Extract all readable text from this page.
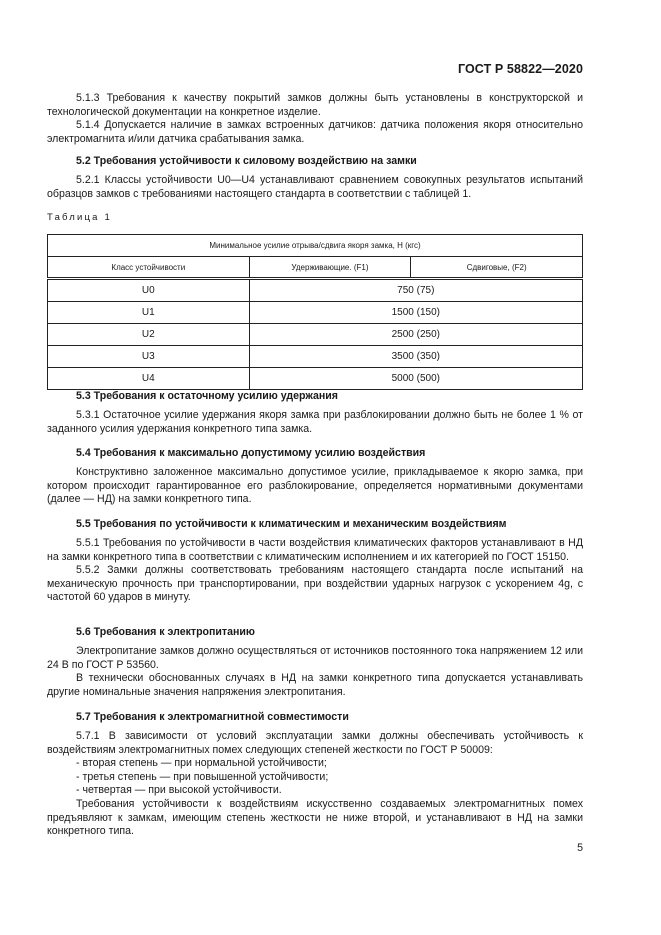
ГОСТ Р 58822—2020

5.1.3 Требования к качеству покрытий замков должны быть установлены в конструкторской и технологической документации на конкретное изделие.

5.1.4 Допускается наличие в замках встроенных датчиков: датчика положения якоря относительно электромагнита и/или датчика срабатывания замка.

5.2 Требования устойчивости к силовому воздействию на замки

5.2.1 Классы устойчивости U0—U4 устанавливают сравнением совокупных результатов испытаний образцов замков с требованиями настоящего стандарта в соответствии с таблицей 1.

Таблица 1

Минимальное усилие отрыва/сдвига якоря замка, Н (кгс)		
Класс устойчивости	Удерживающие. (F1)	Сдвиговые, (F2)
U0	750 (75)	
U1	1500 (150)	
U2	2500 (250)	
U3	3500 (350)	
U4	5000 (500)	

5.3 Требования к остаточному усилию удержания

5.3.1 Остаточное усилие удержания якоря замка при разблокировании должно быть не более 1 % от заданного усилия удержания конкретного типа замка.

5.4 Требования к максимально допустимому усилию воздействия

Конструктивно заложенное максимально допустимое усилие, прикладываемое к якорю замка, при котором происходит гарантированное его разблокирование, определяется нормативными документами (далее — НД) на замки конкретного типа.

5.5 Требования по устойчивости к климатическим и механическим воздействиям

5.5.1 Требования по устойчивости в части воздействия климатических факторов устанавливают в НД на замки конкретного типа в соответствии с климатическим исполнением и их категорией по ГОСТ 15150.

5.5.2 Замки должны соответствовать требованиям настоящего стандарта после испытаний на механическую прочность при транспортировании, при воздействии ударных нагрузок с ускорением 4g, с частотой 60 ударов в минуту.

5.6 Требования к электропитанию

Электропитание замков должно осуществляться от источников постоянного тока напряжением 12 или 24 В по ГОСТ Р 53560.

В технически обоснованных случаях в НД на замки конкретного типа допускается устанавливать другие номинальные значения напряжения электропитания.

5.7 Требования к электромагнитной совместимости

5.7.1 В зависимости от условий эксплуатации замки должны обеспечивать устойчивость к воздействиям электромагнитных помех следующих степеней жесткости по ГОСТ Р 50009:

- вторая степень — при нормальной устойчивости;

- третья степень — при повышенной устойчивости;

- четвертая — при высокой устойчивости.

Требования устойчивости к воздействиям искусственно создаваемых электромагнитных помех предъявляют к замкам, имеющим степень жесткости не ниже второй, и устанавливают в НД на замки конкретного типа.

5
